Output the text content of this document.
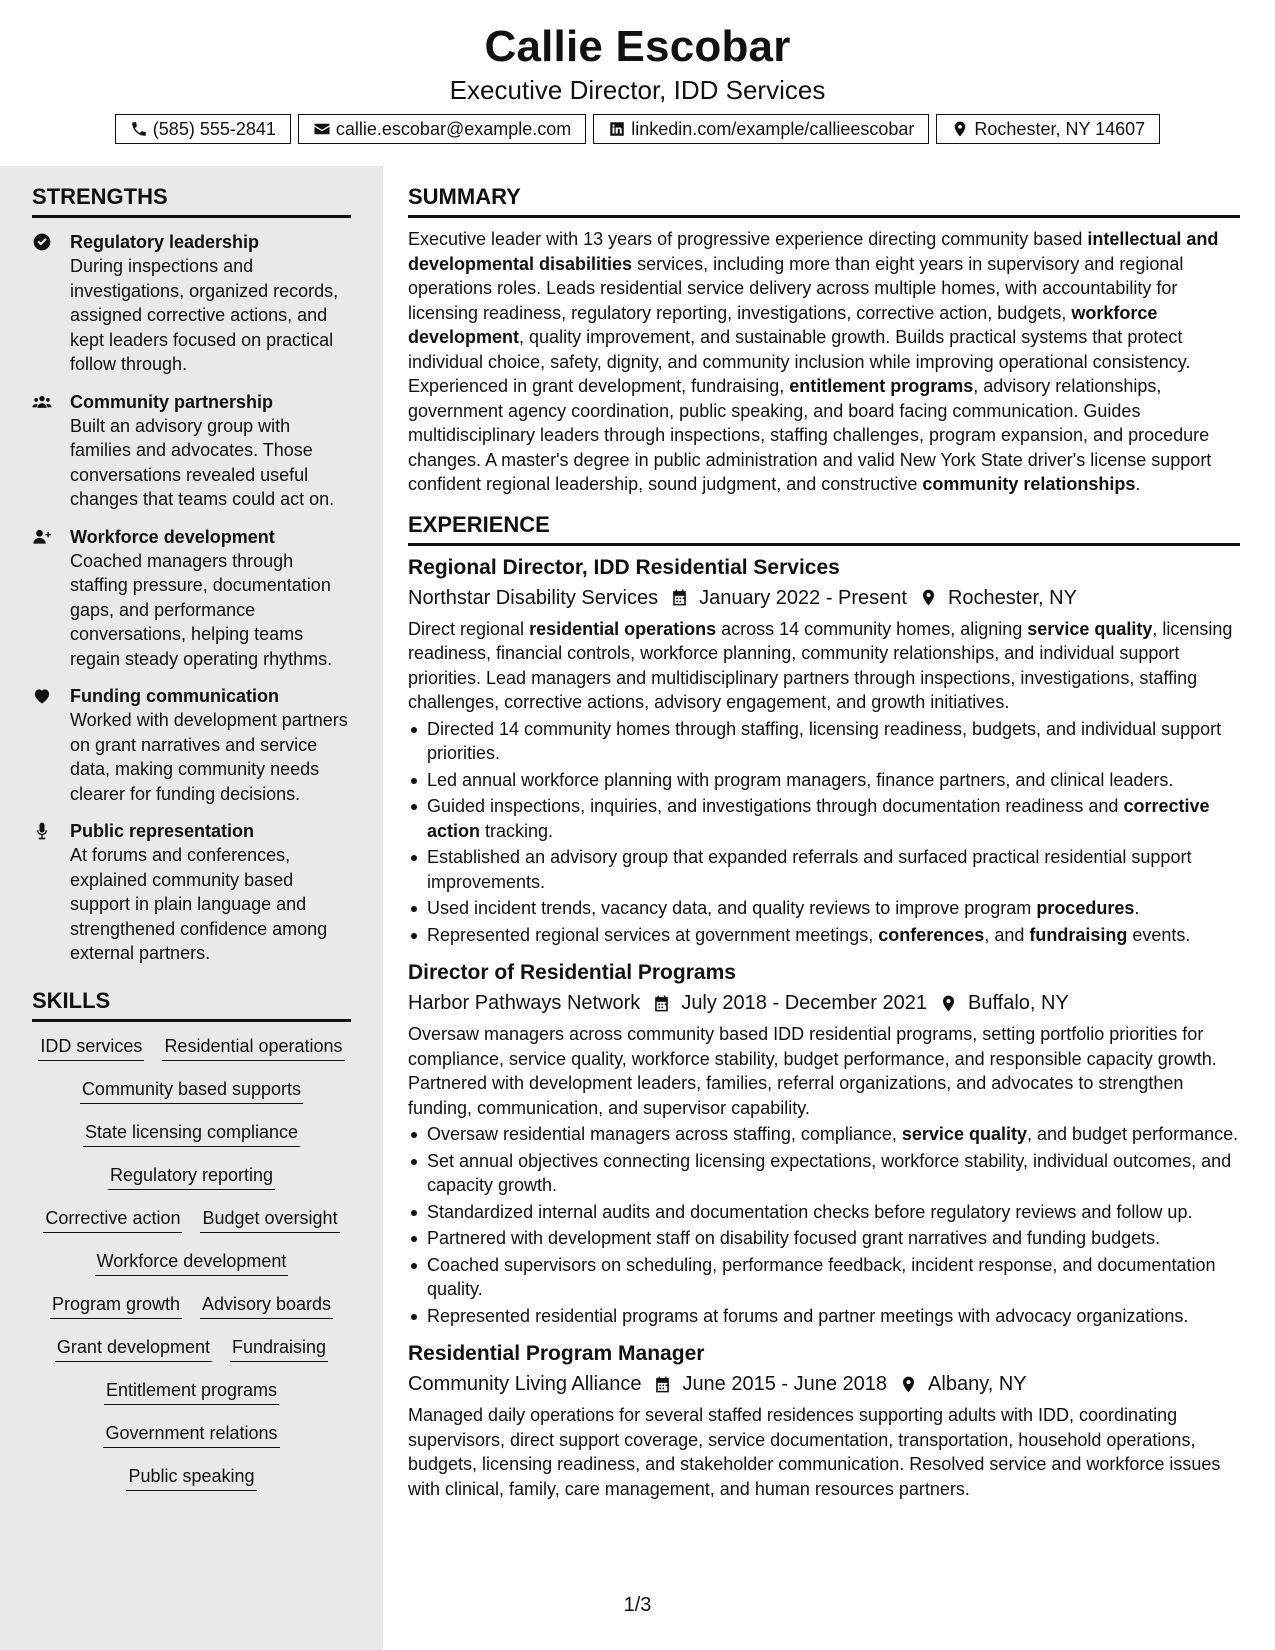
Callie Escobar
Executive Director, IDD Services
(585) 555-2841	callie.escobar@example.com	linkedin.com/example/callieescobar	Rochester, NY 14607
STRENGTHS
Regulatory leadership
During inspections and investigations, organized records, assigned corrective actions, and kept leaders focused on practical follow through.
Community partnership
Built an advisory group with families and advocates. Those conversations revealed useful changes that teams could act on.
Workforce development
Coached managers through staffing pressure, documentation gaps, and performance conversations, helping teams regain steady operating rhythms.
Funding communication
Worked with development partners on grant narratives and service data, making community needs clearer for funding decisions.
Public representation
At forums and conferences, explained community based support in plain language and strengthened confidence among external partners.
SKILLS
IDD services Residential operations
Community based supports
State licensing compliance
Regulatory reporting
Corrective action Budget oversight
Workforce development
Program growth Advisory boards
Grant development Fundraising
Entitlement programs
Government relations
Public speaking
SUMMARY
Executive leader with 13 years of progressive experience directing community based intellectual and developmental disabilities services, including more than eight years in supervisory and regional operations roles. Leads residential service delivery across multiple homes, with accountability for licensing readiness, regulatory reporting, investigations, corrective action, budgets, workforce development, quality improvement, and sustainable growth. Builds practical systems that protect individual choice, safety, dignity, and community inclusion while improving operational consistency. Experienced in grant development, fundraising, entitlement programs, advisory relationships, government agency coordination, public speaking, and board facing communication. Guides multidisciplinary leaders through inspections, staffing challenges, program expansion, and procedure changes. A master's degree in public administration and valid New York State driver's license support confident regional leadership, sound judgment, and constructive community relationships.
EXPERIENCE
Regional Director, IDD Residential Services
Northstar Disability Services January 2022 - Present Rochester, NY
Direct regional residential operations across 14 community homes, aligning service quality, licensing readiness, financial controls, workforce planning, community relationships, and individual support priorities. Lead managers and multidisciplinary partners through inspections, investigations, staffing challenges, corrective actions, advisory engagement, and growth initiatives.
Directed 14 community homes through staffing, licensing readiness, budgets, and individual support priorities.
Led annual workforce planning with program managers, finance partners, and clinical leaders.
Guided inspections, inquiries, and investigations through documentation readiness and corrective action tracking.
Established an advisory group that expanded referrals and surfaced practical residential support improvements.
Used incident trends, vacancy data, and quality reviews to improve program procedures.
Represented regional services at government meetings, conferences, and fundraising events.
Director of Residential Programs
Harbor Pathways Network July 2018 - December 2021 Buffalo, NY
Oversaw managers across community based IDD residential programs, setting portfolio priorities for compliance, service quality, workforce stability, budget performance, and responsible capacity growth. Partnered with development leaders, families, referral organizations, and advocates to strengthen funding, communication, and supervisor capability.
Oversaw residential managers across staffing, compliance, service quality, and budget performance.
Set annual objectives connecting licensing expectations, workforce stability, individual outcomes, and capacity growth.
Standardized internal audits and documentation checks before regulatory reviews and follow up.
Partnered with development staff on disability focused grant narratives and funding budgets.
Coached supervisors on scheduling, performance feedback, incident response, and documentation quality.
Represented residential programs at forums and partner meetings with advocacy organizations.
Residential Program Manager
Community Living Alliance June 2015 - June 2018 Albany, NY
Managed daily operations for several staffed residences supporting adults with IDD, coordinating supervisors, direct support coverage, service documentation, transportation, household operations, budgets, licensing readiness, and stakeholder communication. Resolved service and workforce issues with clinical, family, care management, and human resources partners.
1/3
